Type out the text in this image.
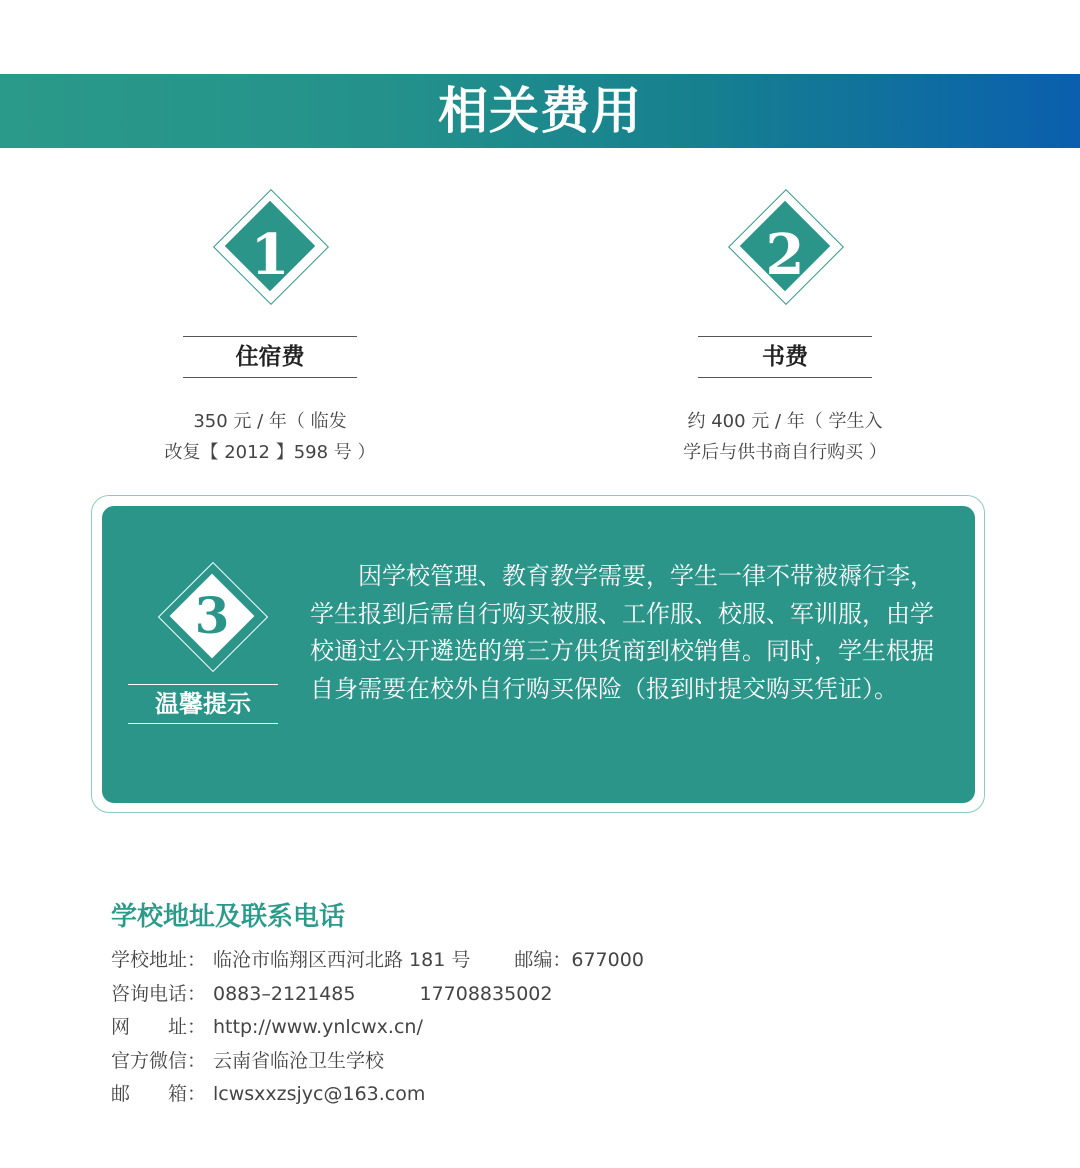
相关费用
1
住宿费
350 元 / 年（ 临发
改复【 2012 】598 号 ）
2
书费
约 400 元 / 年（ 学生入
学后与供书商自行购买 ）
3
温馨提示
因学校管理、教育教学需要，学生一律不带被褥行李，学生报到后需自行购买被服、工作服、校服、军训服，由学校通过公开遴选的第三方供货商到校销售。同时，学生根据自身需要在校外自行购买保险（报到时提交购买凭证）。
学校地址及联系电话
学校地址： 临沧市临翔区西河北路 181 号 邮编：677000
咨询电话： 0883–2121485	17708835002
网　　址： http://www.ynlcwx.cn/
官方微信： 云南省临沧卫生学校
邮　　箱： lcwsxxzsjyc@163.com
